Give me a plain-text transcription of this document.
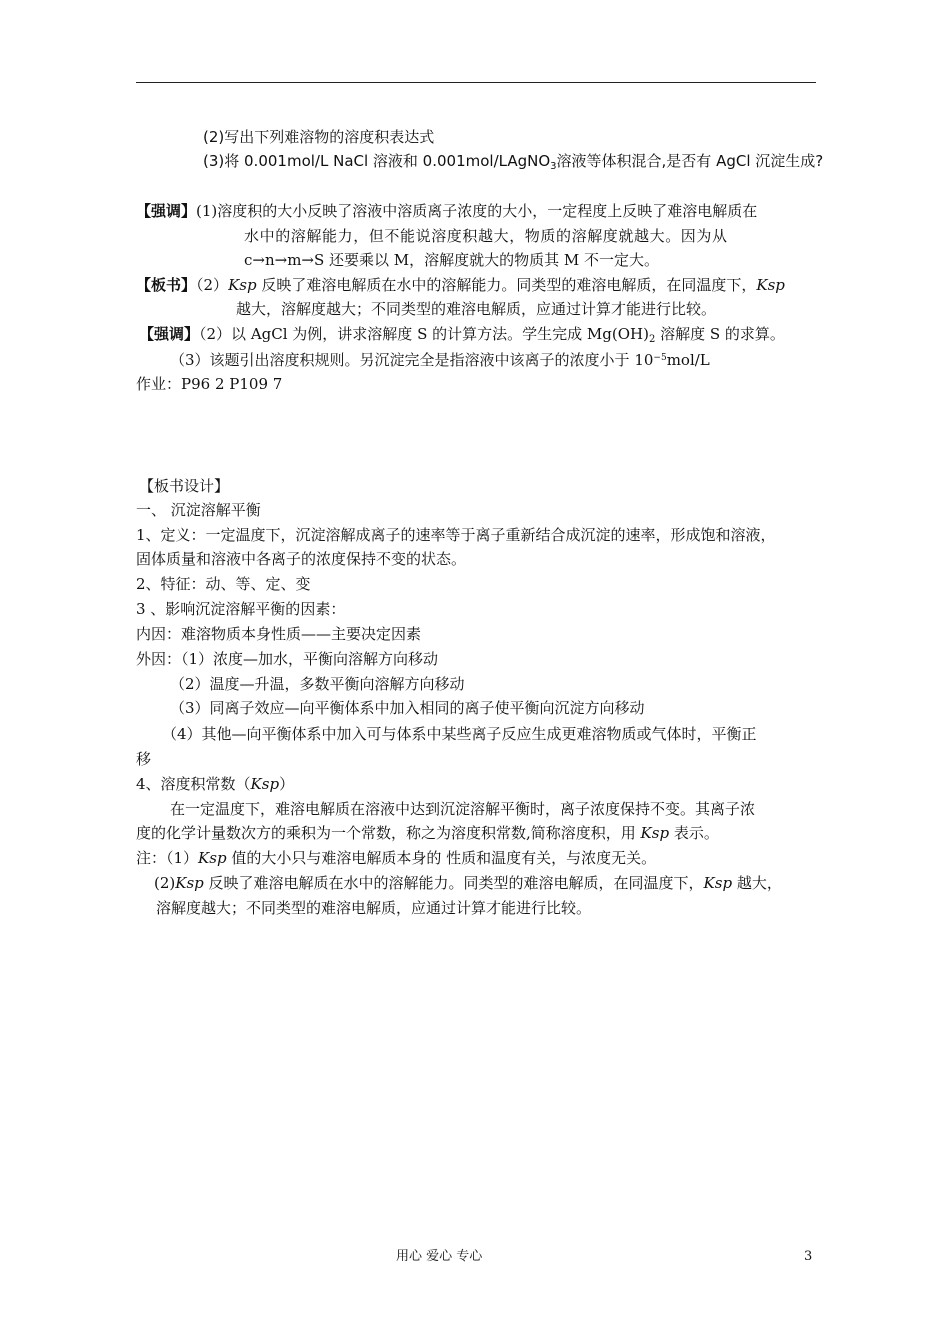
(2)写出下列难溶物的溶度积表达式
(3)将 0.001mol/L NaCl 溶液和 0.001mol/LAgNO$_3$溶液等体积混合,是否有 AgCl 沉淀生成?
【强调】(1)溶度积的大小反映了溶液中溶质离子浓度的大小，一定程度上反映了难溶电解质在
水中的溶解能力，但不能说溶度积越大，物质的溶解度就越大。因为从
c→n→m→S 还要乘以 M，溶解度就大的物质其 M 不一定大。
【板书】（2）Ksp 反映了难溶电解质在水中的溶解能力。同类型的难溶电解质，在同温度下，Ksp
越大，溶解度越大；不同类型的难溶电解质，应通过计算才能进行比较。
【强调】（2）以 AgCl 为例，讲求溶解度 S 的计算方法。学生完成 $Mg(OH)_2$ 溶解度 S 的求算。
（3）该题引出溶度积规则。另沉淀完全是指溶液中该离子的浓度小于 $10^{-5}mol/L$
作业：P96 2 P109 7
【板书设计】
一、 沉淀溶解平衡
1、定义：一定温度下，沉淀溶解成离子的速率等于离子重新结合成沉淀的速率，形成饱和溶液，
固体质量和溶液中各离子的浓度保持不变的状态。
2、特征：动、等、定、变
3 、影响沉淀溶解平衡的因素：
内因：难溶物质本身性质——主要决定因素
外因：（1）浓度—加水，平衡向溶解方向移动
（2）温度—升温，多数平衡向溶解方向移动
（3）同离子效应—向平衡体系中加入相同的离子使平衡向沉淀方向移动
（4）其他—向平衡体系中加入可与体系中某些离子反应生成更难溶物质或气体时，平衡正
移
4、溶度积常数（Ksp）
在一定温度下，难溶电解质在溶液中达到沉淀溶解平衡时，离子浓度保持不变。其离子浓
度的化学计量数次方的乘积为一个常数，称之为溶度积常数,简称溶度积，用 Ksp 表示。
注：（1）Ksp 值的大小只与难溶电解质本身的 性质和温度有关，与浓度无关。
(2)Ksp 反映了难溶电解质在水中的溶解能力。同类型的难溶电解质，在同温度下，Ksp 越大，
溶解度越大；不同类型的难溶电解质，应通过计算才能进行比较。
用心 爱心 专心	3
